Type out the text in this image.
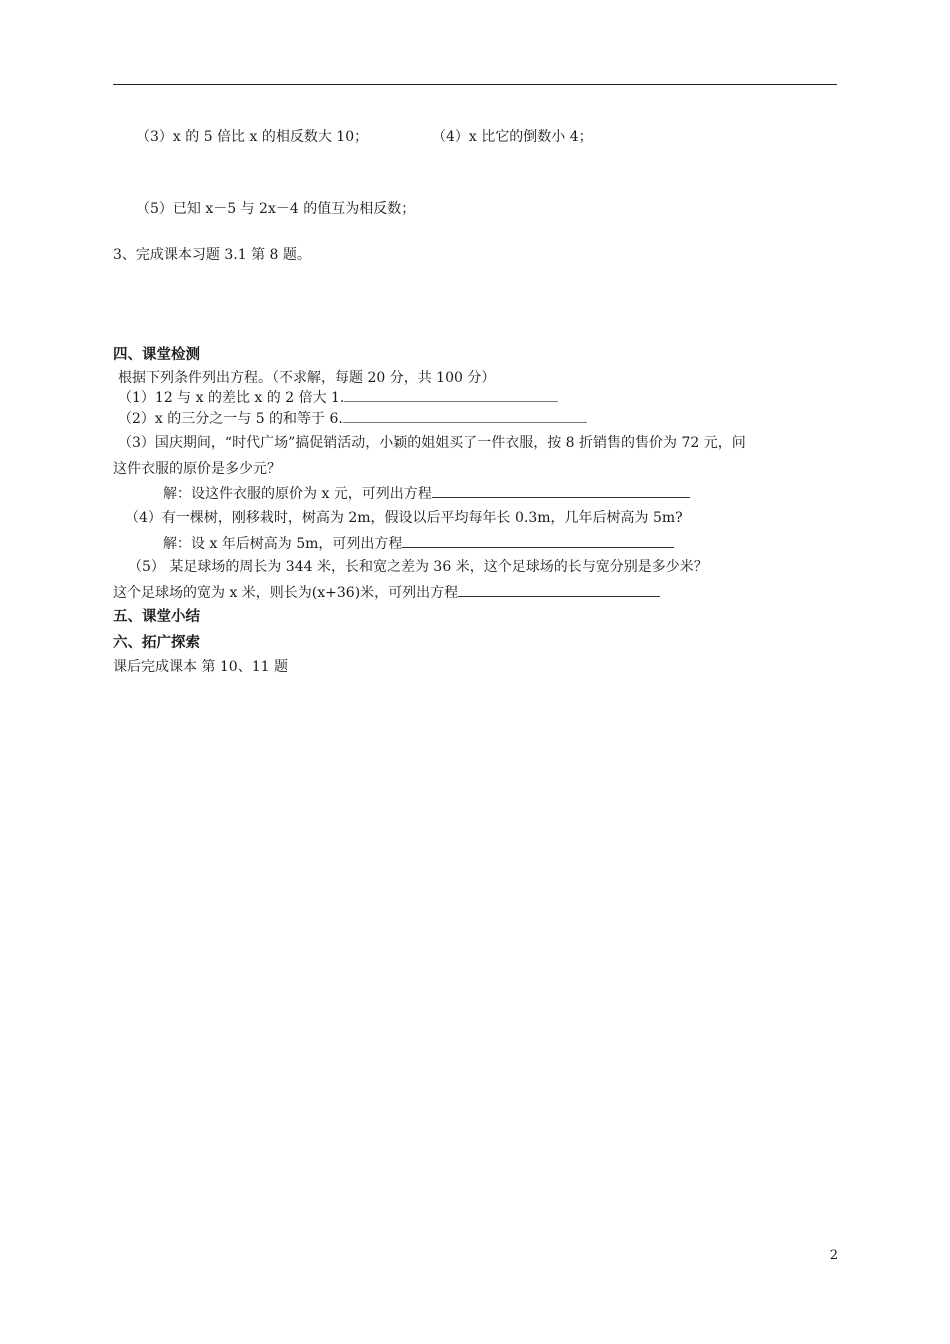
（3）x 的 5 倍比 x 的相反数大 10；	（4）x 比它的倒数小 4；
（5）已知 x－5 与 2x－4 的值互为相反数；
3、完成课本习题 3.1 第 8 题。
四、课堂检测
根据下列条件列出方程。（不求解，每题 20 分，共 100 分）
（1）12 与 x 的差比 x 的 2 倍大 1.
（2）x 的三分之一与 5 的和等于 6.
（3）国庆期间，“时代广场”搞促销活动，小颖的姐姐买了一件衣服，按 8 折销售的售价为 72 元，问
这件衣服的原价是多少元？
解：设这件衣服的原价为 x 元，可列出方程
（4）有一棵树，刚移栽时，树高为 2m，假设以后平均每年长 0.3m，几年后树高为 5m?
解：设 x 年后树高为 5m，可列出方程
（5） 某足球场的周长为 344 米，长和宽之差为 36 米，这个足球场的长与宽分别是多少米？
这个足球场的宽为 x 米，则长为(x+36)米，可列出方程
五、课堂小结
六、拓广探索
课后完成课本 第 10、11 题
2
